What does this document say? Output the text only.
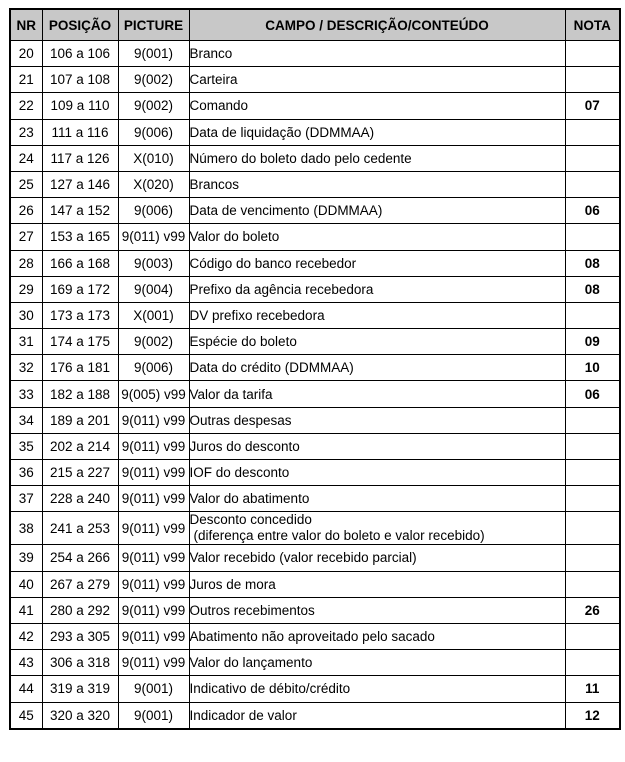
NR	POSIÇÃO	PICTURE	CAMPO / DESCRIÇÃO/CONTEÚDO	NOTA
20	106 a 106	9(001)	Branco	
21	107 a 108	9(002)	Carteira	
22	109 a 110	9(002)	Comando	07
23	111 a 116	9(006)	Data de liquidação (DDMMAA)	
24	117 a 126	X(010)	Número do boleto dado pelo cedente	
25	127 a 146	X(020)	Brancos	
26	147 a 152	9(006)	Data de vencimento (DDMMAA)	06
27	153 a 165	9(011) v99	Valor do boleto	
28	166 a 168	9(003)	Código do banco recebedor	08
29	169 a 172	9(004)	Prefixo da agência recebedora	08
30	173 a 173	X(001)	DV prefixo recebedora	
31	174 a 175	9(002)	Espécie do boleto	09
32	176 a 181	9(006)	Data do crédito (DDMMAA)	10
33	182 a 188	9(005) v99	Valor da tarifa	06
34	189 a 201	9(011) v99	Outras despesas	
35	202 a 214	9(011) v99	Juros do desconto	
36	215 a 227	9(011) v99	IOF do desconto	
37	228 a 240	9(011) v99	Valor do abatimento	
38	241 a 253	9(011) v99	Desconto concedido
(diferença entre valor do boleto e valor recebido)	

39	254 a 266	9(011) v99	Valor recebido (valor recebido parcial)	
40	267 a 279	9(011) v99	Juros de mora	
41	280 a 292	9(011) v99	Outros recebimentos	26
42	293 a 305	9(011) v99	Abatimento não aproveitado pelo sacado	
43	306 a 318	9(011) v99	Valor do lançamento	
44	319 a 319	9(001)	Indicativo de débito/crédito	11
45	320 a 320	9(001)	Indicador de valor	12
